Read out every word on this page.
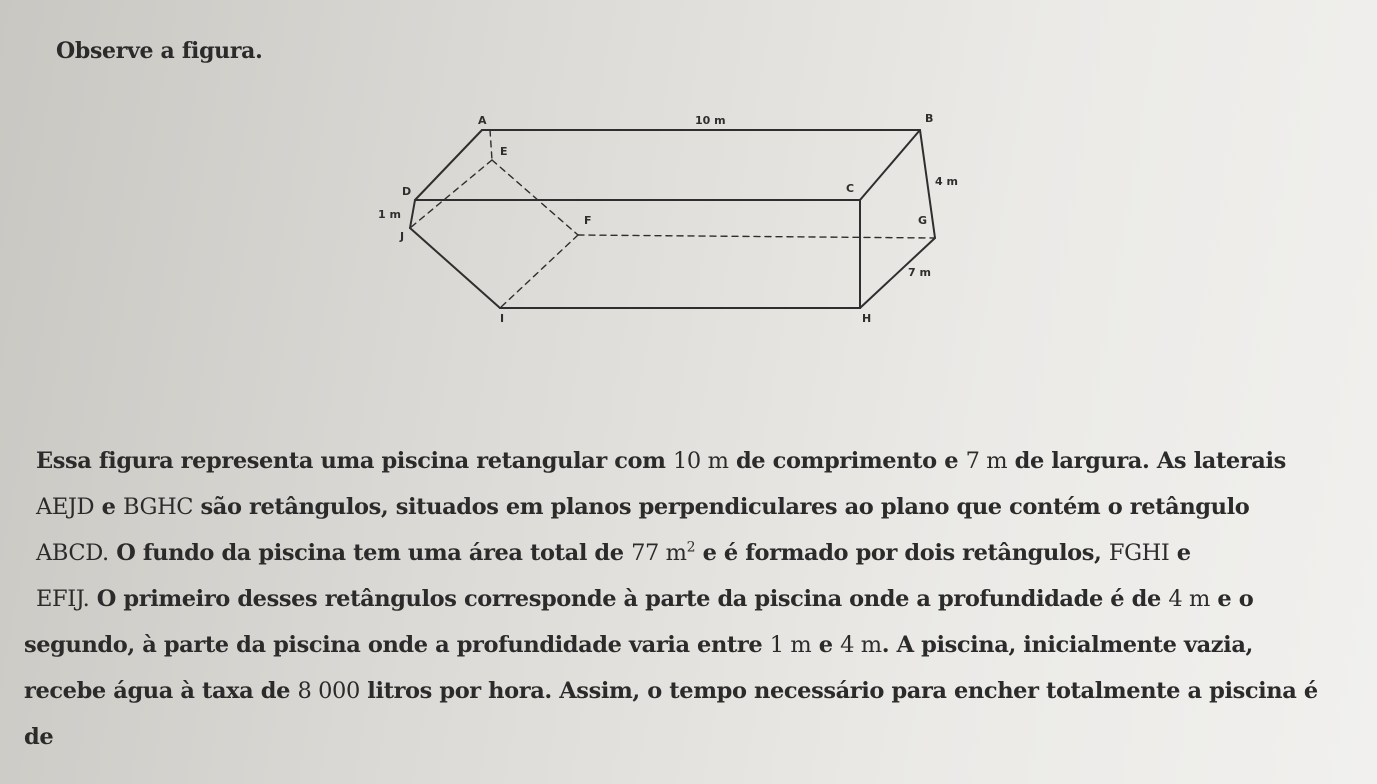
Observe a figura.
A	B
C
D
E
F	G
H
I
J
10 m
4 m
1 m
7 m
Essa figura representa uma piscina retangular com 10 m de comprimento e 7 m de largura. As laterais
AEJD e BGHC são retângulos, situados em planos perpendiculares ao plano que contém o retângulo
ABCD. O fundo da piscina tem uma área total de 77 $m^2$ e é formado por dois retângulos, FGHI e
EFIJ. O primeiro desses retângulos corresponde à parte da piscina onde a profundidade é de 4 m e o
segundo, à parte da piscina onde a profundidade varia entre 1 m e 4 m. A piscina, inicialmente vazia,
recebe água à taxa de 8 000 litros por hora. Assim, o tempo necessário para encher totalmente a piscina é
de
